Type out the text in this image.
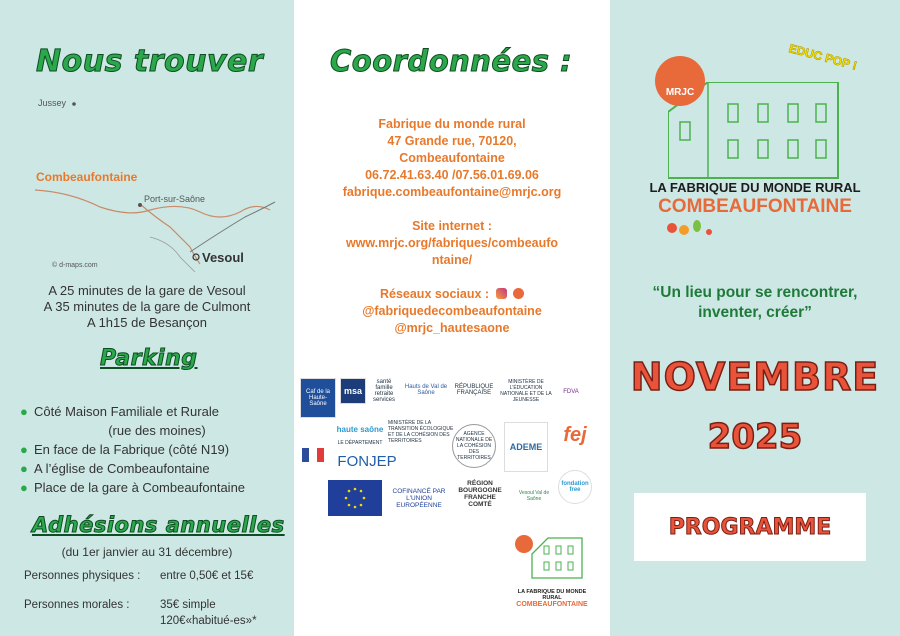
Nous trouver
Jussey
Combeaufontaine
Port-sur-Saône
Vesoul
© d-maps.com
A 25 minutes de la gare de Vesoul
A 35 minutes de la gare de Culmont
A 1h15 de Besançon
Parking
● Côté Maison Familiale et Rurale
(rue des moines)
● En face de la Fabrique (côté N19)
● A l’église de Combeaufontaine
● Place de la gare à Combeaufontaine
Adhésions annuelles
(du 1er janvier au 31 décembre)
Personnes physiques : entre 0,50€ et 15€
Personnes morales :	35€ simple
120€«habitué-es»*
Coordonnées :
Fabrique du monde rural
47 Grande rue, 70120,
Combeaufontaine
06.72.41.63.40 /07.56.01.69.06
fabrique.combeaufontaine@mrjc.org
Site internet :
www.mrjc.org/fabriques/combeaufo
ntaine/
Réseaux sociaux :
@fabriquedecombeaufontaine
@mrjc_hautesaone
Caf de la Haute-Saône
msa
santé famille retraite services
Hauts de Val de Saône
RÉPUBLIQUE FRANÇAISE
MINISTÈRE DE L'ÉDUCATION NATIONALE ET DE LA JEUNESSE
FDVA
haute saône
LE DÉPARTEMENT
MINISTÈRE DE LA TRANSITION ÉCOLOGIQUE ET DE LA COHÉSION DES TERRITOIRES
AGENCE NATIONALE DE LA COHÉSION DES TERRITOIRES
ADEME
fej
FONJEP
Vesoul Val de Saône
fondation free
COFINANCÉ PAR L'UNION EUROPÉENNE
RÉGION BOURGOGNE FRANCHE COMTÉ
LA FABRIQUE DU MONDE RURAL
COMBEAUFONTAINE
EDUC POP !
MRJC
LA FABRIQUE DU MONDE RURAL
COMBEAUFONTAINE
“Un lieu pour se rencontrer,
inventer, créer”
NOVEMBRE
2025
PROGRAMME
